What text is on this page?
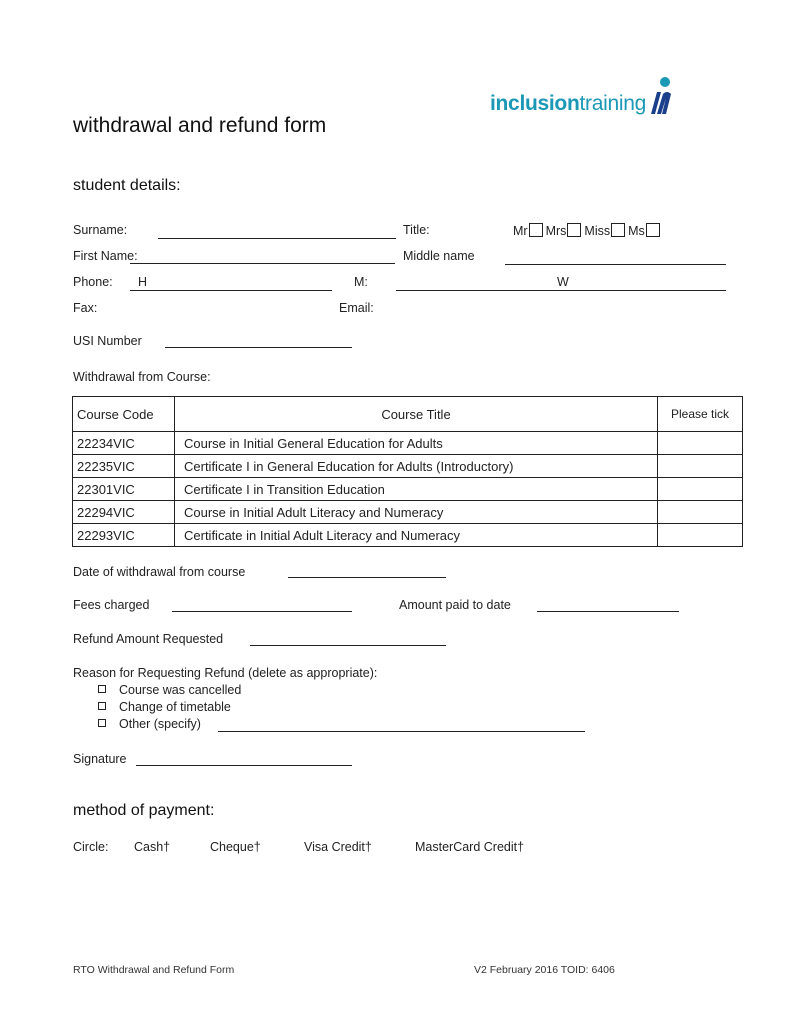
inclusion training
withdrawal and refund form
student details:
Surname:	Title:	Mr Mrs Miss Ms
First Name:	Middle name
Phone: H	M:	W
Fax:	Email:
USI Number
Withdrawal from Course:
Course Code	Course Title	Please tick
22234VIC	Course in Initial General Education for Adults	
22235VIC	Certificate I in General Education for Adults (Introductory)	
22301VIC	Certificate I in Transition Education	
22294VIC	Course in Initial Adult Literacy and Numeracy	
22293VIC	Certificate in Initial Adult Literacy and Numeracy	
Date of withdrawal from course
Fees charged	Amount paid to date
Refund Amount Requested
Reason for Requesting Refund (delete as appropriate):
Course was cancelled
Change of timetable
Other (specify)
Signature
method of payment:
Circle: Cash†	Cheque†	Visa Credit†	MasterCard Credit†
RTO Withdrawal and Refund Form	V2 February 2016 TOID: 6406
